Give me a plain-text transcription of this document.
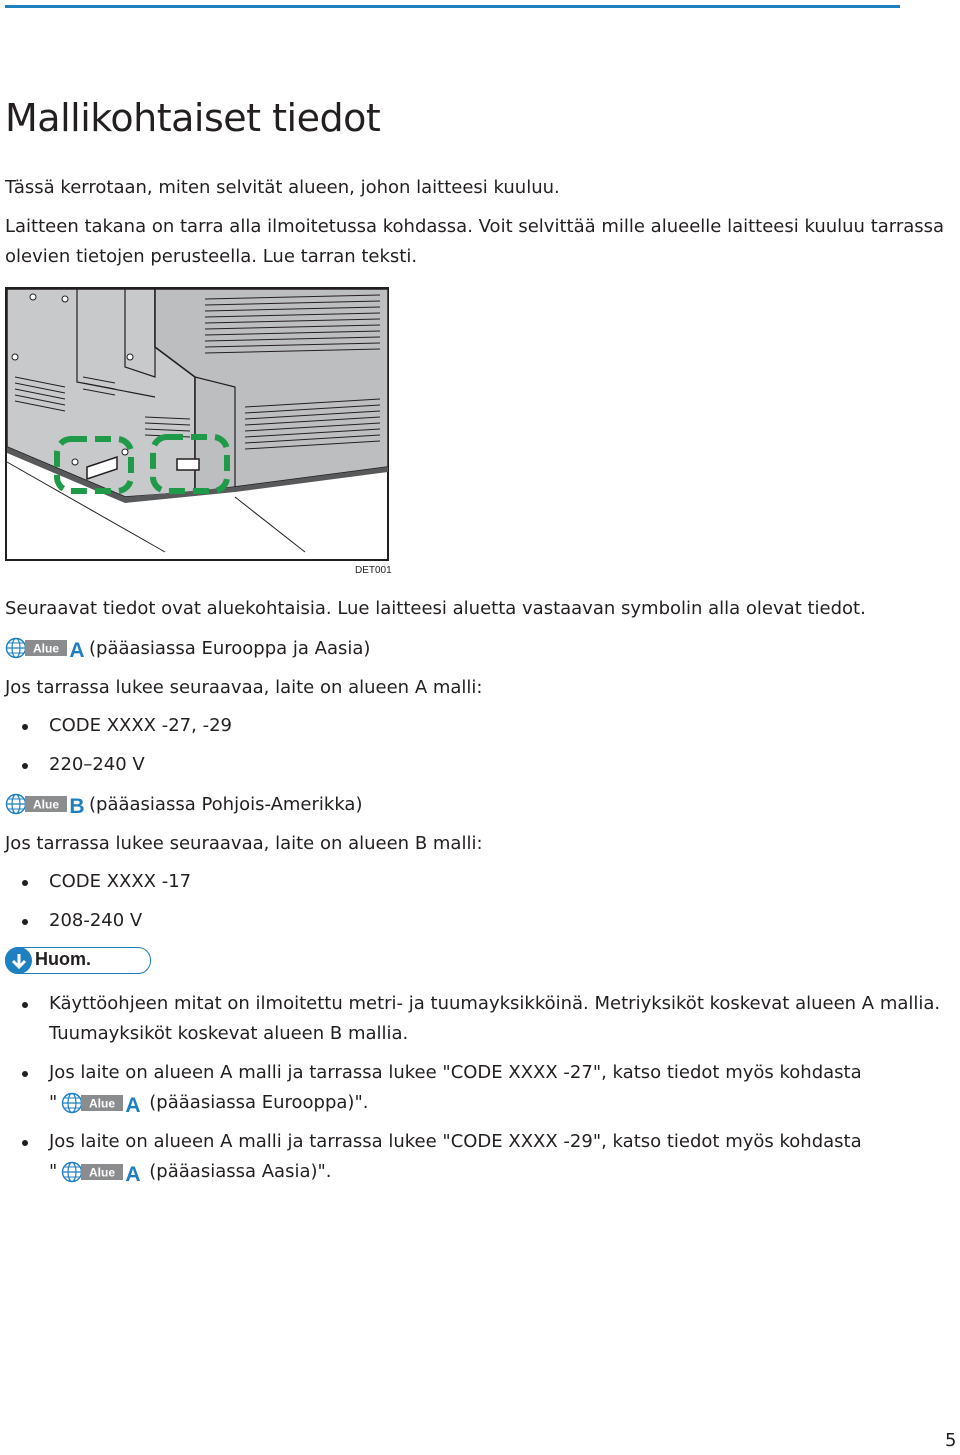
Mallikohtaiset tiedot

Tässä kerrotaan, miten selvität alueen, johon laitteesi kuuluu.

Laitteen takana on tarra alla ilmoitetussa kohdassa. Voit selvittää mille alueelle laitteesi kuuluu tarrassa

olevien tietojen perusteella. Lue tarran teksti.

DET001

Seuraavat tiedot ovat aluekohtaisia. Lue laitteesi aluetta vastaavan symbolin alla olevat tiedot.

Alue A (pääasiassa Eurooppa ja Aasia)

Jos tarrassa lukee seuraavaa, laite on alueen A malli:

CODE XXXX -27, -29
220–240 V
Alue B (pääasiassa Pohjois-Amerikka)

Jos tarrassa lukee seuraavaa, laite on alueen B malli:

CODE XXXX -17
208-240 V
Huom.
Käyttöohjeen mitat on ilmoitettu metri- ja tuumayksikköinä. Metriyksiköt koskevat alueen A mallia.
Tuumayksiköt koskevat alueen B mallia.
Jos laite on alueen A malli ja tarrassa lukee "CODE XXXX -27", katso tiedot myös kohdasta
"	Alue A (pääasiassa Eurooppa)".
Jos laite on alueen A malli ja tarrassa lukee "CODE XXXX -29", katso tiedot myös kohdasta
"	Alue A (pääasiassa Aasia)".
5
